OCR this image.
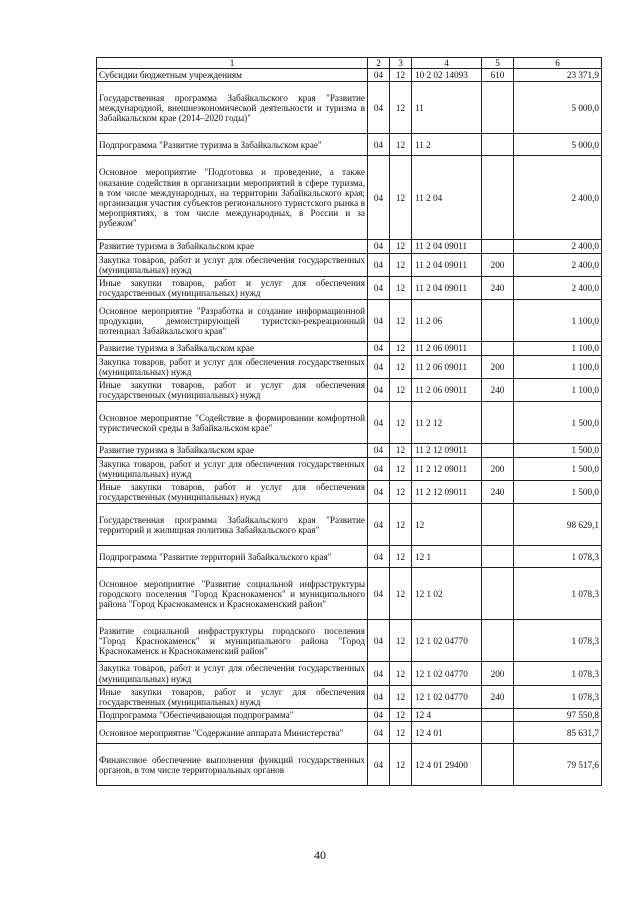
1	2	3	4	5	6
Субсидии бюджетным учреждениям	04	12	10 2 02 14093	610	23 371,9
Государственная программа Забайкальского края "Развитие международной, внешнеэкономической деятельности и туризма в Забайкальском крае (2014–2020 годы)"	04	12	11		5 000,0
Подпрограмма "Развитие туризма в Забайкальском крае"	04	12	11 2		5 000,0
Основное мероприятие "Подготовка и проведение, а также оказание содействия в организации мероприятий в сфере туризма, в том числе международных, на территории Забайкальского края; организация участия субъектов регионального туристского рынка в мероприятиях, в том числе международных, в России и за рубежом"	04	12	11 2 04		2 400,0
Развитие туризма в Забайкальском крае	04	12	11 2 04 09011		2 400,0
Закупка товаров, работ и услуг для обеспечения государственных (муниципальных) нужд	04	12	11 2 04 09011	200	2 400,0
Иные закупки товаров, работ и услуг для обеспечения государственных (муниципальных) нужд	04	12	11 2 04 09011	240	2 400,0
Основное мероприятие "Разработка и создание информационной продукции, демонстрирующей туристско-рекреационный потенциал Забайкальского края"	04	12	11 2 06		1 100,0
Развитие туризма в Забайкальском крае	04	12	11 2 06 09011		1 100,0
Закупка товаров, работ и услуг для обеспечения государственных (муниципальных) нужд	04	12	11 2 06 09011	200	1 100,0
Иные закупки товаров, работ и услуг для обеспечения государственных (муниципальных) нужд	04	12	11 2 06 09011	240	1 100,0
Основное мероприятие "Содействие в формировании комфортной туристической среды в Забайкальском крае"	04	12	11 2 12		1 500,0
Развитие туризма в Забайкальском крае	04	12	11 2 12 09011		1 500,0
Закупка товаров, работ и услуг для обеспечения государственных (муниципальных) нужд	04	12	11 2 12 09011	200	1 500,0
Иные закупки товаров, работ и услуг для обеспечения государственных (муниципальных) нужд	04	12	11 2 12 09011	240	1 500,0
Государственная программа Забайкальского края "Развитие территорий и жилищная политика Забайкальского края"	04	12	12		98 629,1
Подпрограмма "Развитие территорий Забайкальского края"	04	12	12 1		1 078,3
Основное мероприятие "Развитие социальной инфраструктуры городского поселения "Город Краснокаменск" и муниципального района "Город Краснокаменск и Краснокаменский район"	04	12	12 1 02		1 078,3
Развитие социальной инфраструктуры городского поселения "Город Краснокаменск" и муниципального района "Город Краснокаменск и Краснокаменский район"	04	12	12 1 02 04770		1 078,3
Закупка товаров, работ и услуг для обеспечения государственных (муниципальных) нужд	04	12	12 1 02 04770	200	1 078,3
Иные закупки товаров, работ и услуг для обеспечения государственных (муниципальных) нужд	04	12	12 1 02 04770	240	1 078,3
Подпрограмма "Обеспечивающая подпрограмма"	04	12	12 4		97 550,8
Основное мероприятие "Содержание аппарата Министерства"	04	12	12 4 01		85 631,7
Финансовое обеспечение выполнения функций государственных органов, в том числе территориальных органов	04	12	12 4 01 29400		79 517,6
40
